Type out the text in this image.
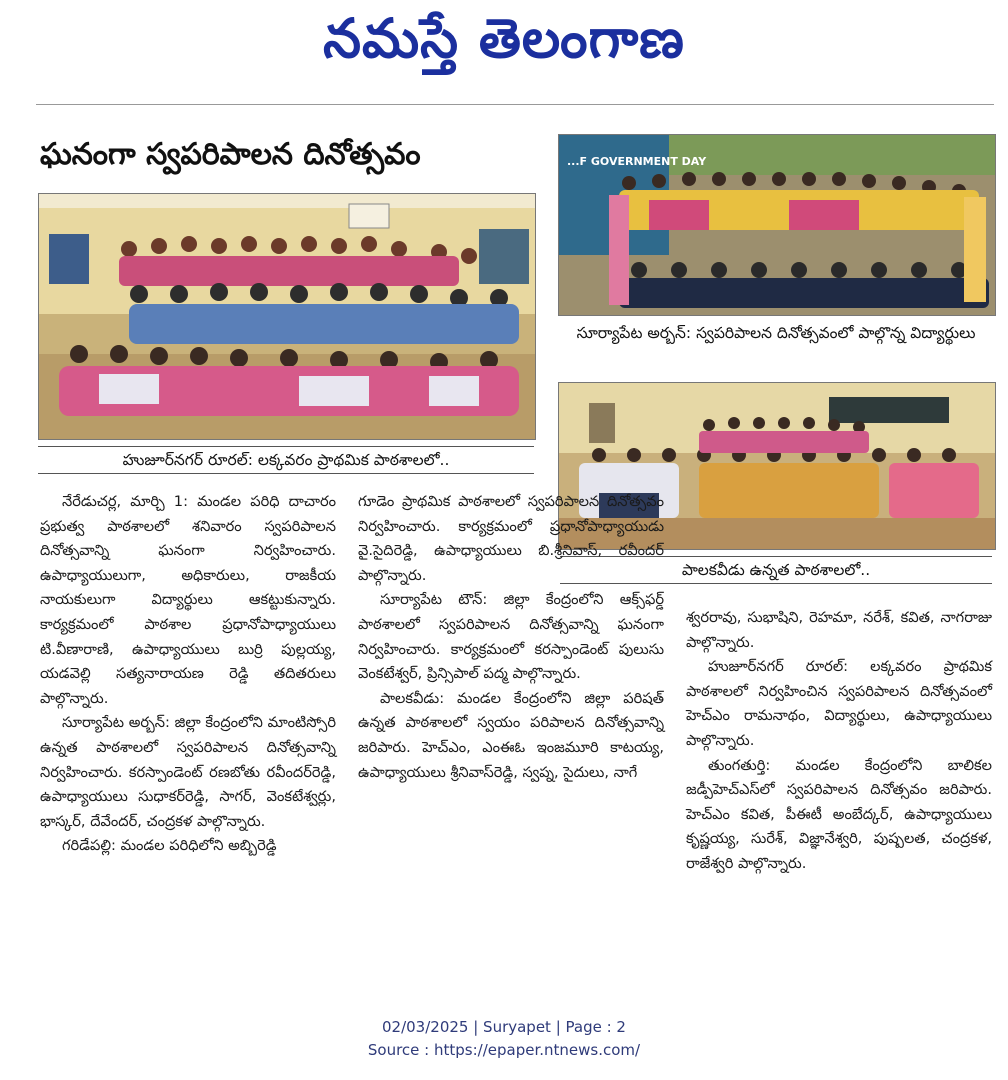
నమస్తే తెలంగాణ
ఘనంగా స్వపరిపాలన దినోత్సవం
హుజూర్‌నగర్ రూరల్: లక్కవరం ప్రాథమిక పాఠశాలలో..
...F GOVERNMENT DAY
సూర్యాపేట అర్బన్: స్వపరిపాలన దినోత్సవంలో పాల్గొన్న విద్యార్థులు
పాలకవీడు ఉన్నత పాఠశాలలో..

నేరేడుచర్ల, మార్చి 1: మండల పరిధి దాచారం ప్రభుత్వ పాఠశాలలో శనివారం స్వపరిపాలన దినోత్సవాన్ని ఘనంగా నిర్వహించారు. ఉపాధ్యాయులుగా, అధికారులు, రాజకీయ నాయకులుగా విద్యార్థులు ఆకట్టుకున్నారు. కార్యక్రమంలో పాఠశాల ప్రధానోపాధ్యాయులు టి.వీణారాణి, ఉపాధ్యాయులు బుర్రి పుల్లయ్య, యడవెల్లి సత్యనారాయణ రెడ్డి తదితరులు పాల్గొన్నారు.

సూర్యాపేట అర్బన్: జిల్లా కేంద్రంలోని మాంటిస్సోరి ఉన్నత పాఠశాలలో స్వపరిపాలన దినోత్సవాన్ని నిర్వహించారు. కరస్పాండెంట్ రణబోతు రవీందర్‌రెడ్డి, ఉపాధ్యాయులు సుధాకర్‌రెడ్డి, సాగర్, వెంకటేశ్వర్లు, భాస్కర్, దేవేందర్, చంద్రకళ పాల్గొన్నారు.

గరిడేపల్లి: మండల పరిధిలోని అబ్బిరెడ్డి

గూడెం ప్రాథమిక పాఠశాలలో స్వపరిపాలన దినోత్సవం నిర్వహించారు. కార్యక్రమంలో ప్రధానోపాధ్యాయుడు వై.సైదిరెడ్డి, ఉపాధ్యాయులు బి.శ్రీనివాస్, రవీందర్ పాల్గొన్నారు.

సూర్యాపేట టౌన్: జిల్లా కేంద్రంలోని ఆక్స్‌ఫర్డ్ పాఠశాలలో స్వపరిపాలన దినోత్సవాన్ని ఘనంగా నిర్వహించారు. కార్యక్రమంలో కరస్పాండెంట్ పులుసు వెంకటేశ్వర్, ప్రిన్సిపాల్ పద్మ పాల్గొన్నారు.

పాలకవీడు: మండల కేంద్రంలోని జిల్లా పరిషత్ ఉన్నత పాఠశాలలో స్వయం పరిపాలన దినోత్సవాన్ని జరిపారు. హెచ్‌ఎం, ఎంఈఓ ఇంజమూరి కాటయ్య, ఉపాధ్యాయులు శ్రీనివాస్‌రెడ్డి, స్వప్న, సైదులు, నాగే

శ్వరరావు, సుభాషిని, రెహమా, నరేశ్, కవిత, నాగరాజు పాల్గొన్నారు.

హుజూర్‌నగర్ రూరల్: లక్కవరం ప్రాథమిక పాఠశాలలో నిర్వహించిన స్వపరిపాలన దినోత్సవంలో హెచ్‌ఎం రామనాథం, విద్యార్థులు, ఉపాధ్యాయులు పాల్గొన్నారు.

తుంగతుర్తి: మండల కేంద్రంలోని బాలికల జడ్పీహెచ్‌ఎస్‌లో స్వపరిపాలన దినోత్సవం జరిపారు. హెచ్‌ఎం కవిత, పీఈటీ అంబేద్కర్, ఉపాధ్యాయులు కృష్ణయ్య, సురేశ్, విజ్ఞానేశ్వరి, పుష్పలత, చంద్రకళ, రాజేశ్వరి పాల్గొన్నారు.

02/03/2025 | Suryapet | Page : 2
Source : https://epaper.ntnews.com/
